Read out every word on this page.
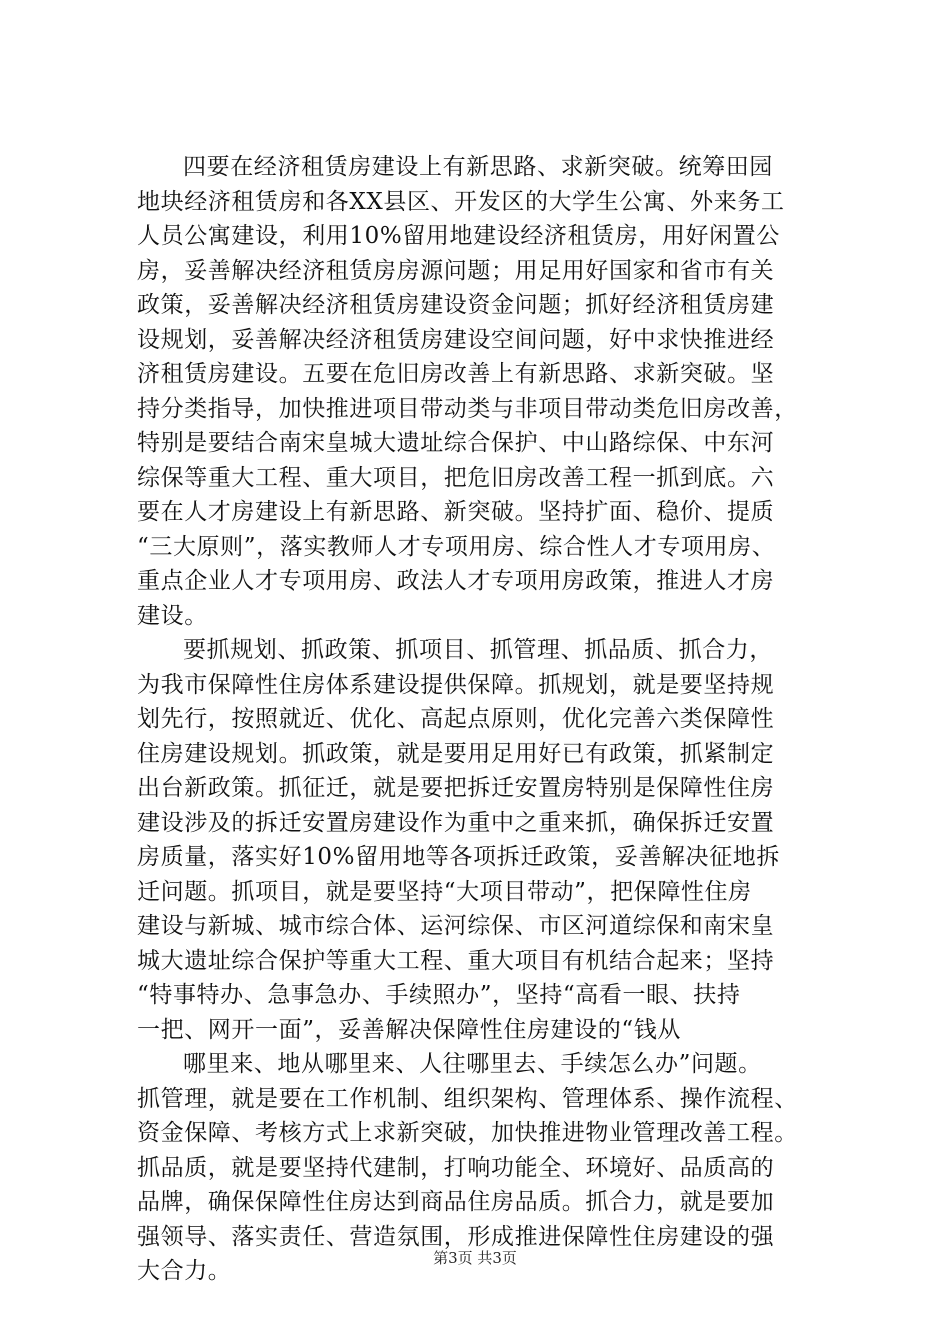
四要在经济租赁房建设上有新思路、求新突破。统筹田园
地块经济租赁房和各XX县区、开发区的大学生公寓、外来务工
人员公寓建设，利用10%留用地建设经济租赁房，用好闲置公
房，妥善解决经济租赁房房源问题；用足用好国家和省市有关
政策，妥善解决经济租赁房建设资金问题；抓好经济租赁房建
设规划，妥善解决经济租赁房建设空间问题，好中求快推进经
济租赁房建设。五要在危旧房改善上有新思路、求新突破。坚
持分类指导，加快推进项目带动类与非项目带动类危旧房改善，
特别是要结合南宋皇城大遗址综合保护、中山路综保、中东河
综保等重大工程、重大项目，把危旧房改善工程一抓到底。六
要在人才房建设上有新思路、新突破。坚持扩面、稳价、提质
“三大原则”，落实教师人才专项用房、综合性人才专项用房、
重点企业人才专项用房、政法人才专项用房政策，推进人才房
建设。
要抓规划、抓政策、抓项目、抓管理、抓品质、抓合力，
为我市保障性住房体系建设提供保障。抓规划，就是要坚持规
划先行，按照就近、优化、高起点原则，优化完善六类保障性
住房建设规划。抓政策，就是要用足用好已有政策，抓紧制定
出台新政策。抓征迁，就是要把拆迁安置房特别是保障性住房
建设涉及的拆迁安置房建设作为重中之重来抓，确保拆迁安置
房质量，落实好10%留用地等各项拆迁政策，妥善解决征地拆
迁问题。抓项目，就是要坚持“大项目带动”，把保障性住房
建设与新城、城市综合体、运河综保、市区河道综保和南宋皇
城大遗址综合保护等重大工程、重大项目有机结合起来；坚持
“特事特办、急事急办、手续照办”，坚持“高看一眼、扶持
一把、网开一面”，妥善解决保障性住房建设的“钱从
哪里来、地从哪里来、人往哪里去、手续怎么办”问题。
抓管理，就是要在工作机制、组织架构、管理体系、操作流程、
资金保障、考核方式上求新突破，加快推进物业管理改善工程。
抓品质，就是要坚持代建制，打响功能全、环境好、品质高的
品牌，确保保障性住房达到商品住房品质。抓合力，就是要加
强领导、落实责任、营造氛围，形成推进保障性住房建设的强
大合力。	第3页 共3页
